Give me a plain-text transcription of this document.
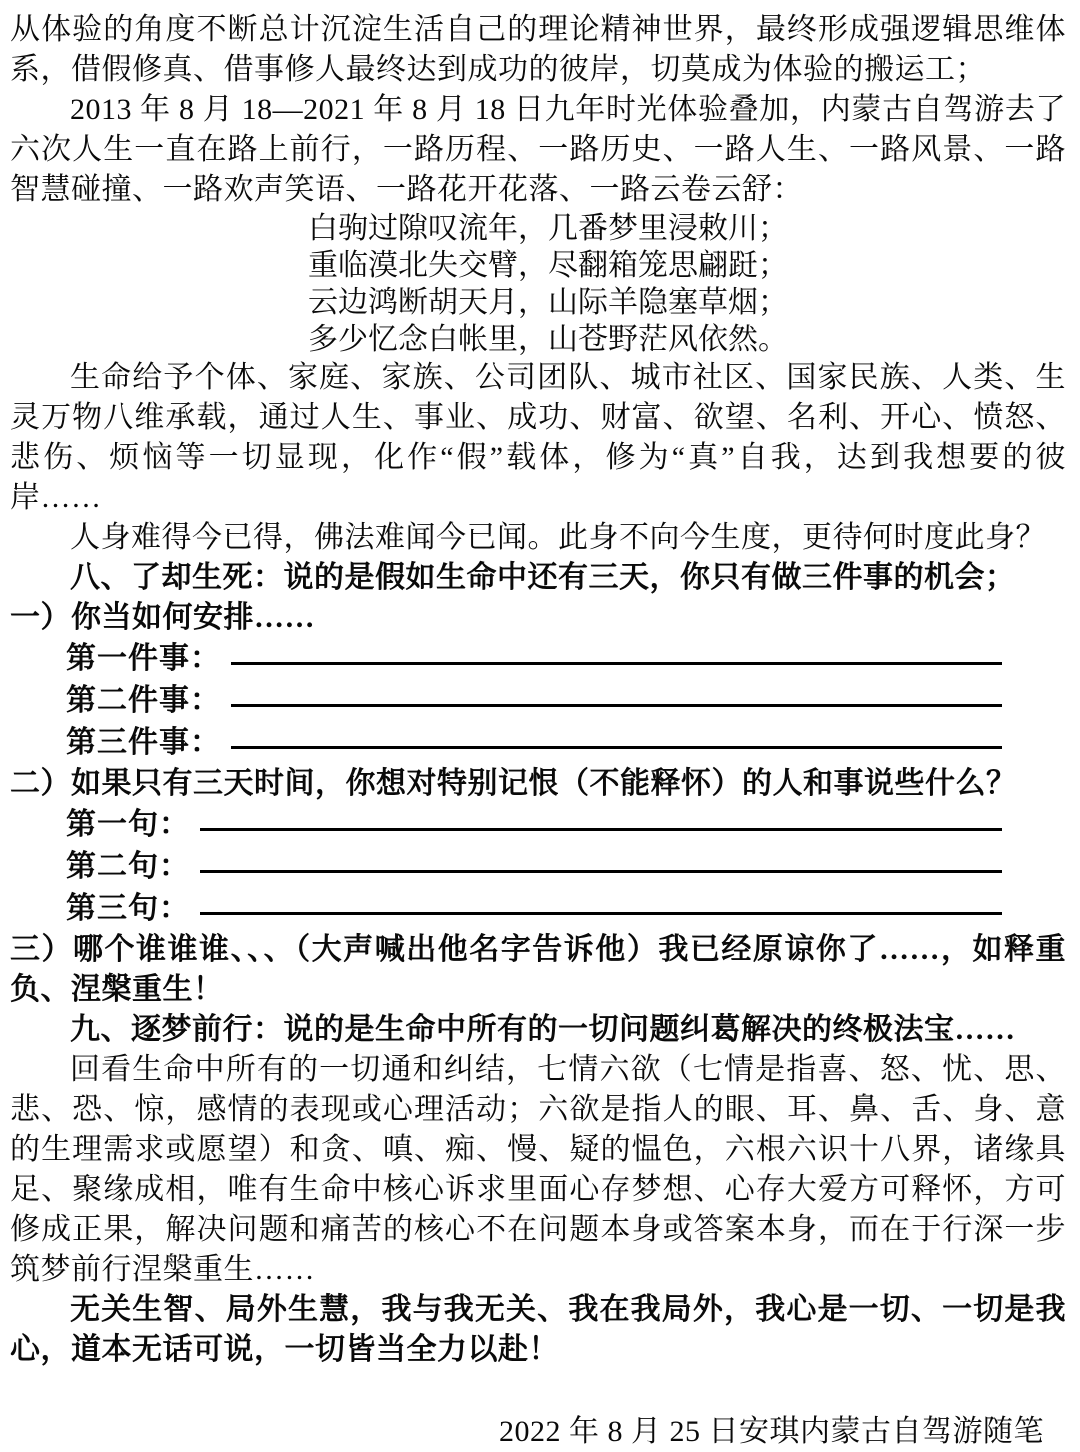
从体验的角度不断总计沉淀生活自己的理论精神世界，最终形成强逻辑思维体系，借假修真、借事修人最终达到成功的彼岸，切莫成为体验的搬运工；

2013 年 8 月 18—2021 年 8 月 18 日九年时光体验叠加，内蒙古自驾游去了六次人生一直在路上前行，一路历程、一路历史、一路人生、一路风景、一路智慧碰撞、一路欢声笑语、一路花开花落、一路云卷云舒：

白驹过隙叹流年，几番梦里浸敕川；
重临漠北失交臂，尽翻箱笼思翩跹；
云边鸿断胡天月，山际羊隐塞草烟；
多少忆念白帐里，山苍野茫风依然。

生命给予个体、家庭、家族、公司团队、城市社区、国家民族、人类、生灵万物八维承载，通过人生、事业、成功、财富、欲望、名利、开心、愤怒、悲伤、烦恼等一切显现，化作“假”载体，修为“真”自我，达到我想要的彼岸……

人身难得今已得，佛法难闻今已闻。此身不向今生度，更待何时度此身？

八、了却生死：说的是假如生命中还有三天，你只有做三件事的机会；

一）你当如何安排……

第一件事：
第二件事：
第三件事：

二）如果只有三天时间，你想对特别记恨（不能释怀）的人和事说些什么？

第一句：
第二句：
第三句：

三）哪个谁谁谁、、、（大声喊出他名字告诉他）我已经原谅你了……，如释重负、涅槃重生！

九、逐梦前行：说的是生命中所有的一切问题纠葛解决的终极法宝……

回看生命中所有的一切通和纠结，七情六欲（七情是指喜、怒、忧、思、悲、恐、惊，感情的表现或心理活动；六欲是指人的眼、耳、鼻、舌、身、意的生理需求或愿望）和贪、嗔、痴、慢、疑的愠色，六根六识十八界，诸缘具足、聚缘成相，唯有生命中核心诉求里面心存梦想、心存大爱方可释怀，方可修成正果，解决问题和痛苦的核心不在问题本身或答案本身，而在于行深一步筑梦前行涅槃重生……

无关生智、局外生慧，我与我无关、我在我局外，我心是一切、一切是我心，道本无话可说，一切皆当全力以赴！

2022 年 8 月 25 日安琪内蒙古自驾游随笔
